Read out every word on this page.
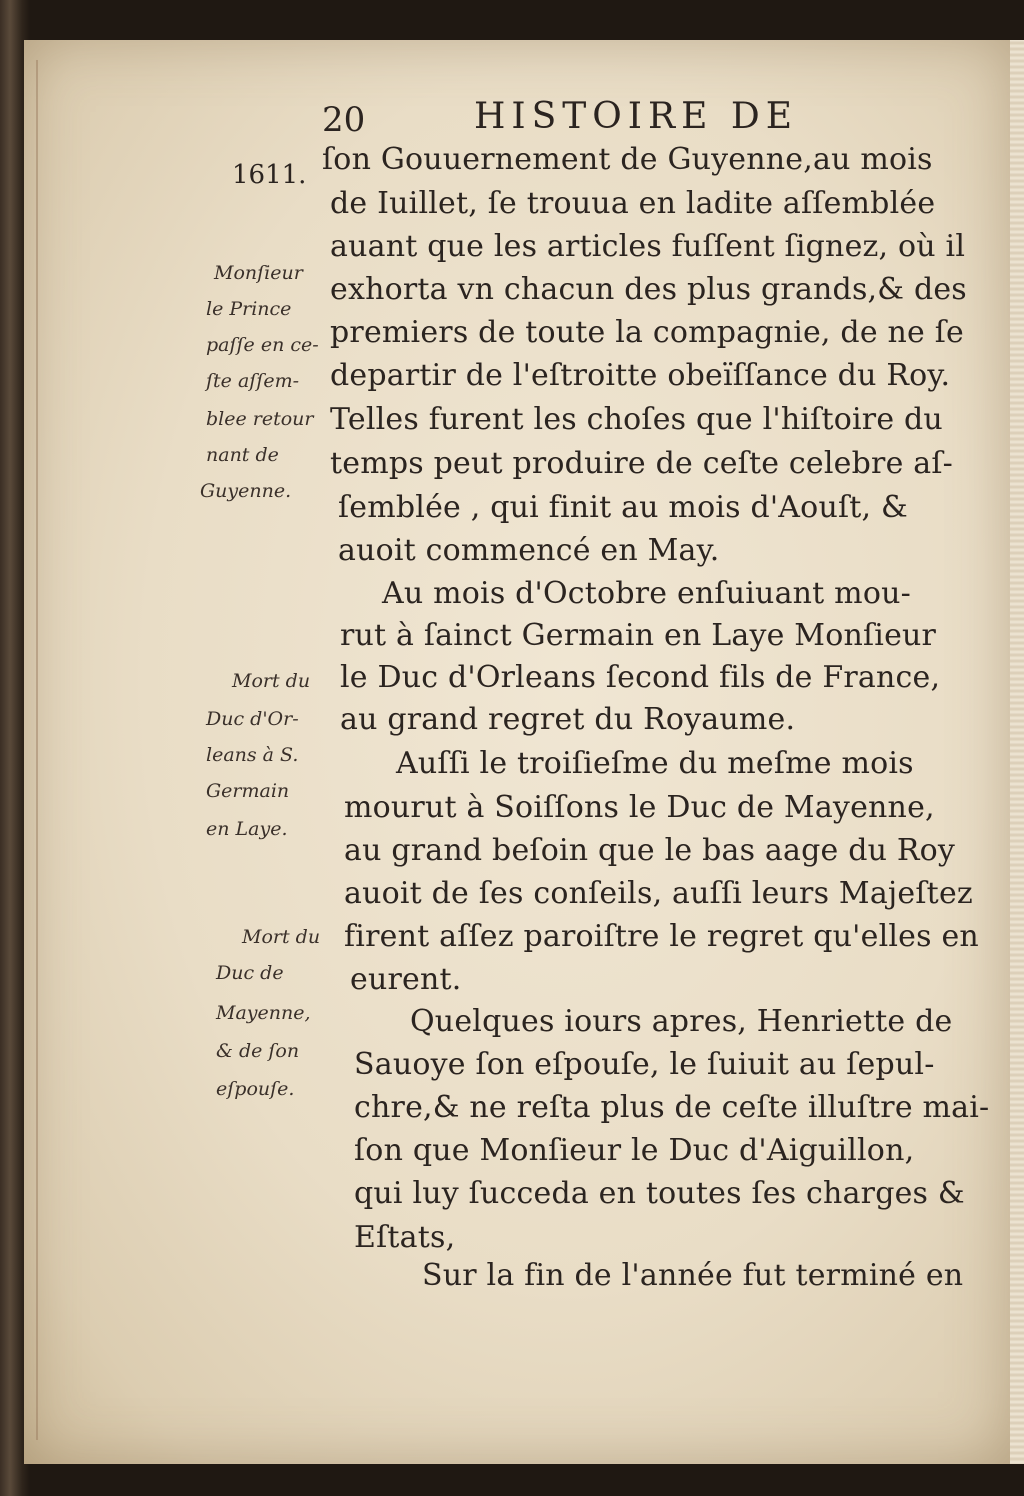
20	HISTOIRE DE
1611. ſon Gouuernement de Guyenne,au mois
de Iuillet, ſe trouua en ladite aſſemblée
auant que les articles fuſſent ſignez, où il
exhorta vn chacun des plus grands,& des
premiers de toute la compagnie, de ne ſe
departir de l'eſtroitte obeïſſance du Roy.
Telles furent les choſes que l'hiſtoire du
temps peut produire de ceſte celebre aſ-
ſemblée , qui finit au mois d'Aouſt, &
auoit commencé en May.
Au mois d'Octobre enſuiuant mou-
rut à ſainct Germain en Laye Monſieur
le Duc d'Orleans ſecond fils de France,
au grand regret du Royaume.
Auſſi le troiſieſme du meſme mois
mourut à Soiſſons le Duc de Mayenne,
au grand beſoin que le bas aage du Roy
auoit de ſes conſeils, auſſi leurs Majeſtez
firent aſſez paroiſtre le regret qu'elles en
eurent.
Quelques iours apres, Henriette de
Sauoye ſon eſpouſe, le ſuiuit au ſepul-
chre,& ne reſta plus de ceſte illuſtre mai-
ſon que Monſieur le Duc d'Aiguillon,
qui luy ſucceda en toutes ſes charges &
Eſtats,
Sur la fin de l'année fut terminé en
Monſieur
le Prince
paſſe en ce-
ſte aſſem-
blee retour
nant de
Guyenne.
Mort du
Duc d'Or-
leans à S.
Germain
en Laye.
Mort du
Duc de
Mayenne,
& de ſon
eſpouſe.
